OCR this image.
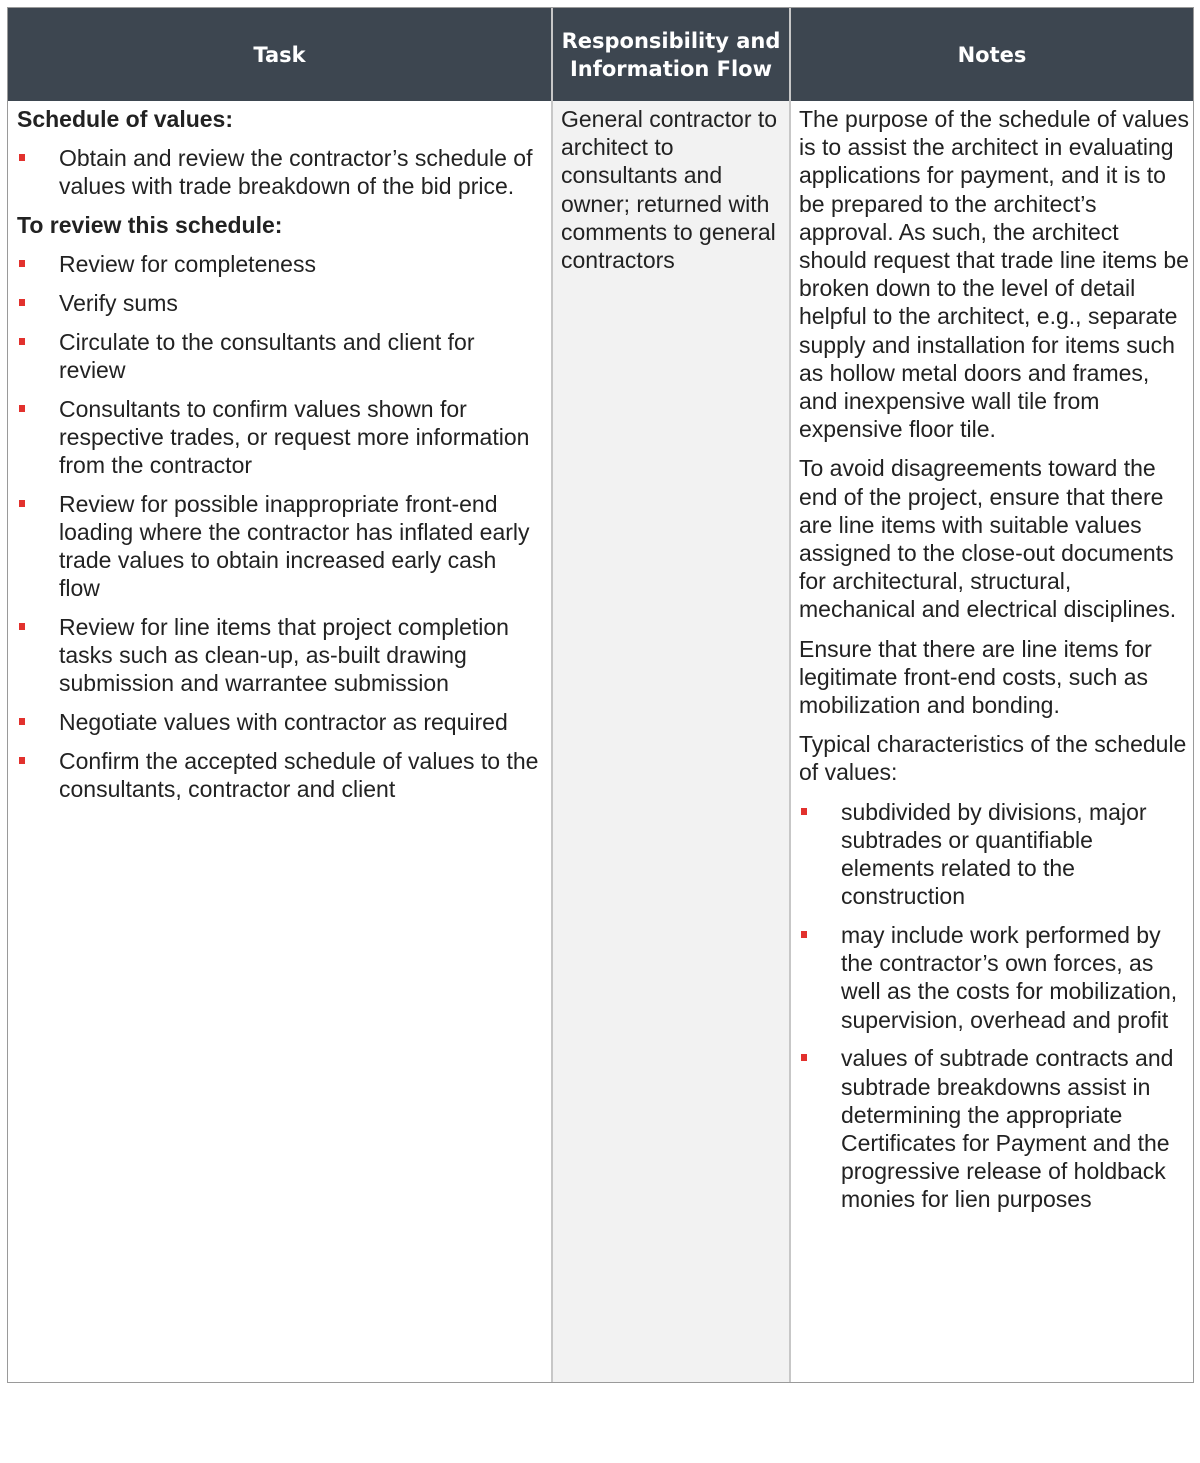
Task
Responsibility and Information Flow
Notes
Schedule of values:
Obtain and review the contractor’s schedule of values with trade breakdown of the bid price.
To review this schedule:
Review for completeness
Verify sums
Circulate to the consultants and client for review
Consultants to confirm values shown for respective trades, or request more information from the contractor
Review for possible inappropriate front-end loading where the contractor has inflated early trade values to obtain increased early cash flow
Review for line items that project completion tasks such as clean-up, as-built drawing submission and warrantee submission
Negotiate values with contractor as required
Confirm the accepted schedule of values to the consultants, contractor and client
General contractor to architect to consultants and owner; returned with comments to general contractors
The purpose of the schedule of values is to assist the architect in evaluating applications for payment, and it is to be prepared to the architect’s approval. As such, the architect should request that trade line items be broken down to the level of detail helpful to the architect, e.g., separate supply and installation for items such as hollow metal doors and frames, and inexpensive wall tile from expensive floor tile.
To avoid disagreements toward the end of the project, ensure that there are line items with suitable values assigned to the close-out documents for architectural, structural, mechanical and electrical disciplines.
Ensure that there are line items for legitimate front-end costs, such as mobilization and bonding.
Typical characteristics of the schedule of values:
subdivided by divisions, major subtrades or quantifiable elements related to the construction
may include work performed by the contractor’s own forces, as well as the costs for mobilization, supervision, overhead and profit
values of subtrade contracts and subtrade breakdowns assist in determining the appropriate Certificates for Payment and the progressive release of holdback monies for lien purposes
